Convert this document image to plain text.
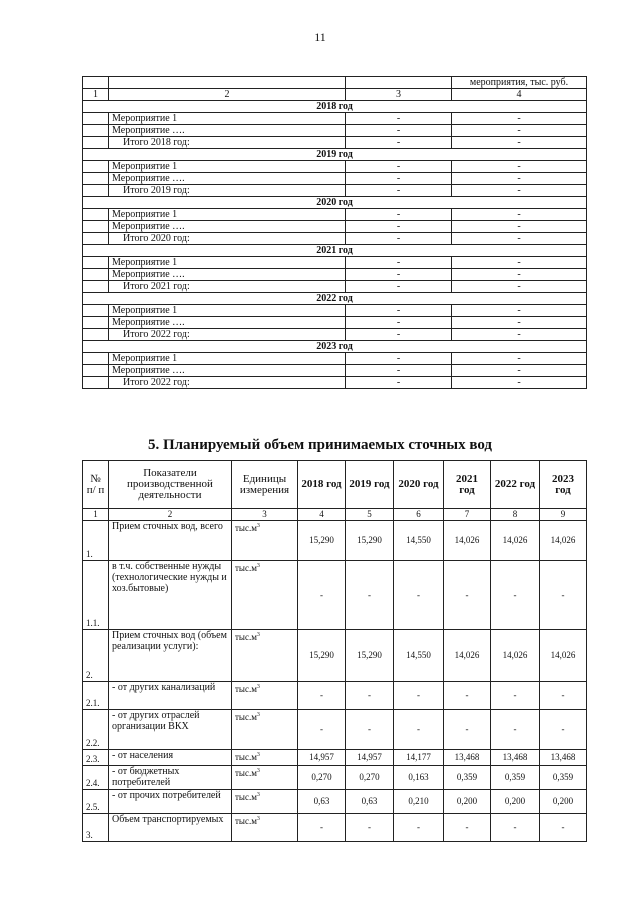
11
			мероприятия, тыс. руб.
1	2	3	4
2018 год			
	Мероприятие 1	-	-
	Мероприятие ….	-	-
	Итого 2018 год:	-	-
2019 год			
	Мероприятие 1	-	-
	Мероприятие ….	-	-
	Итого 2019 год:	-	-
2020 год			
	Мероприятие 1	-	-
	Мероприятие ….	-	-
	Итого 2020 год:	-	-
2021 год			
	Мероприятие 1	-	-
	Мероприятие ….	-	-
	Итого 2021 год:	-	-
2022 год			
	Мероприятие 1	-	-
	Мероприятие ….	-	-
	Итого 2022 год:	-	-
2023 год			
	Мероприятие 1	-	-
	Мероприятие ….	-	-
	Итого 2022 год:	-	-
5. Планируемый объем принимаемых сточных вод
№ п/ п	Показатели производственной деятельности	Единицы измерения	2018 год	2019 год	2020 год	2021 год	2022 год	2023 год
1	2	3	4	5	6	7	8	9
1.	Прием сточных вод, всего	$тыс.м^3$	15,290	15,290	14,550	14,026	14,026	14,026
1.1.	в т.ч. собственные нужды (технологические нужды и хоз.бытовые)	$тыс.м^3$	-	-	-	-	-	-
2.	Прием сточных вод (объем реализации услуги):	$тыс.м^3$	15,290	15,290	14,550	14,026	14,026	14,026
2.1.	- от других канализаций	$тыс.м^3$	-	-	-	-	-	-
2.2.	- от других отраслей организации ВКХ	$тыс.м^3$	-	-	-	-	-	-
2.3.	- от населения	$тыс.м^3$	14,957	14,957	14,177	13,468	13,468	13,468
2.4.	- от бюджетных потребителей	$тыс.м^3$	0,270	0,270	0,163	0,359	0,359	0,359
2.5.	- от прочих потребителей	$тыс.м^3$	0,63	0,63	0,210	0,200	0,200	0,200
3.	Объем транспортируемых	$тыс.м^3$	-	-	-	-	-	-
